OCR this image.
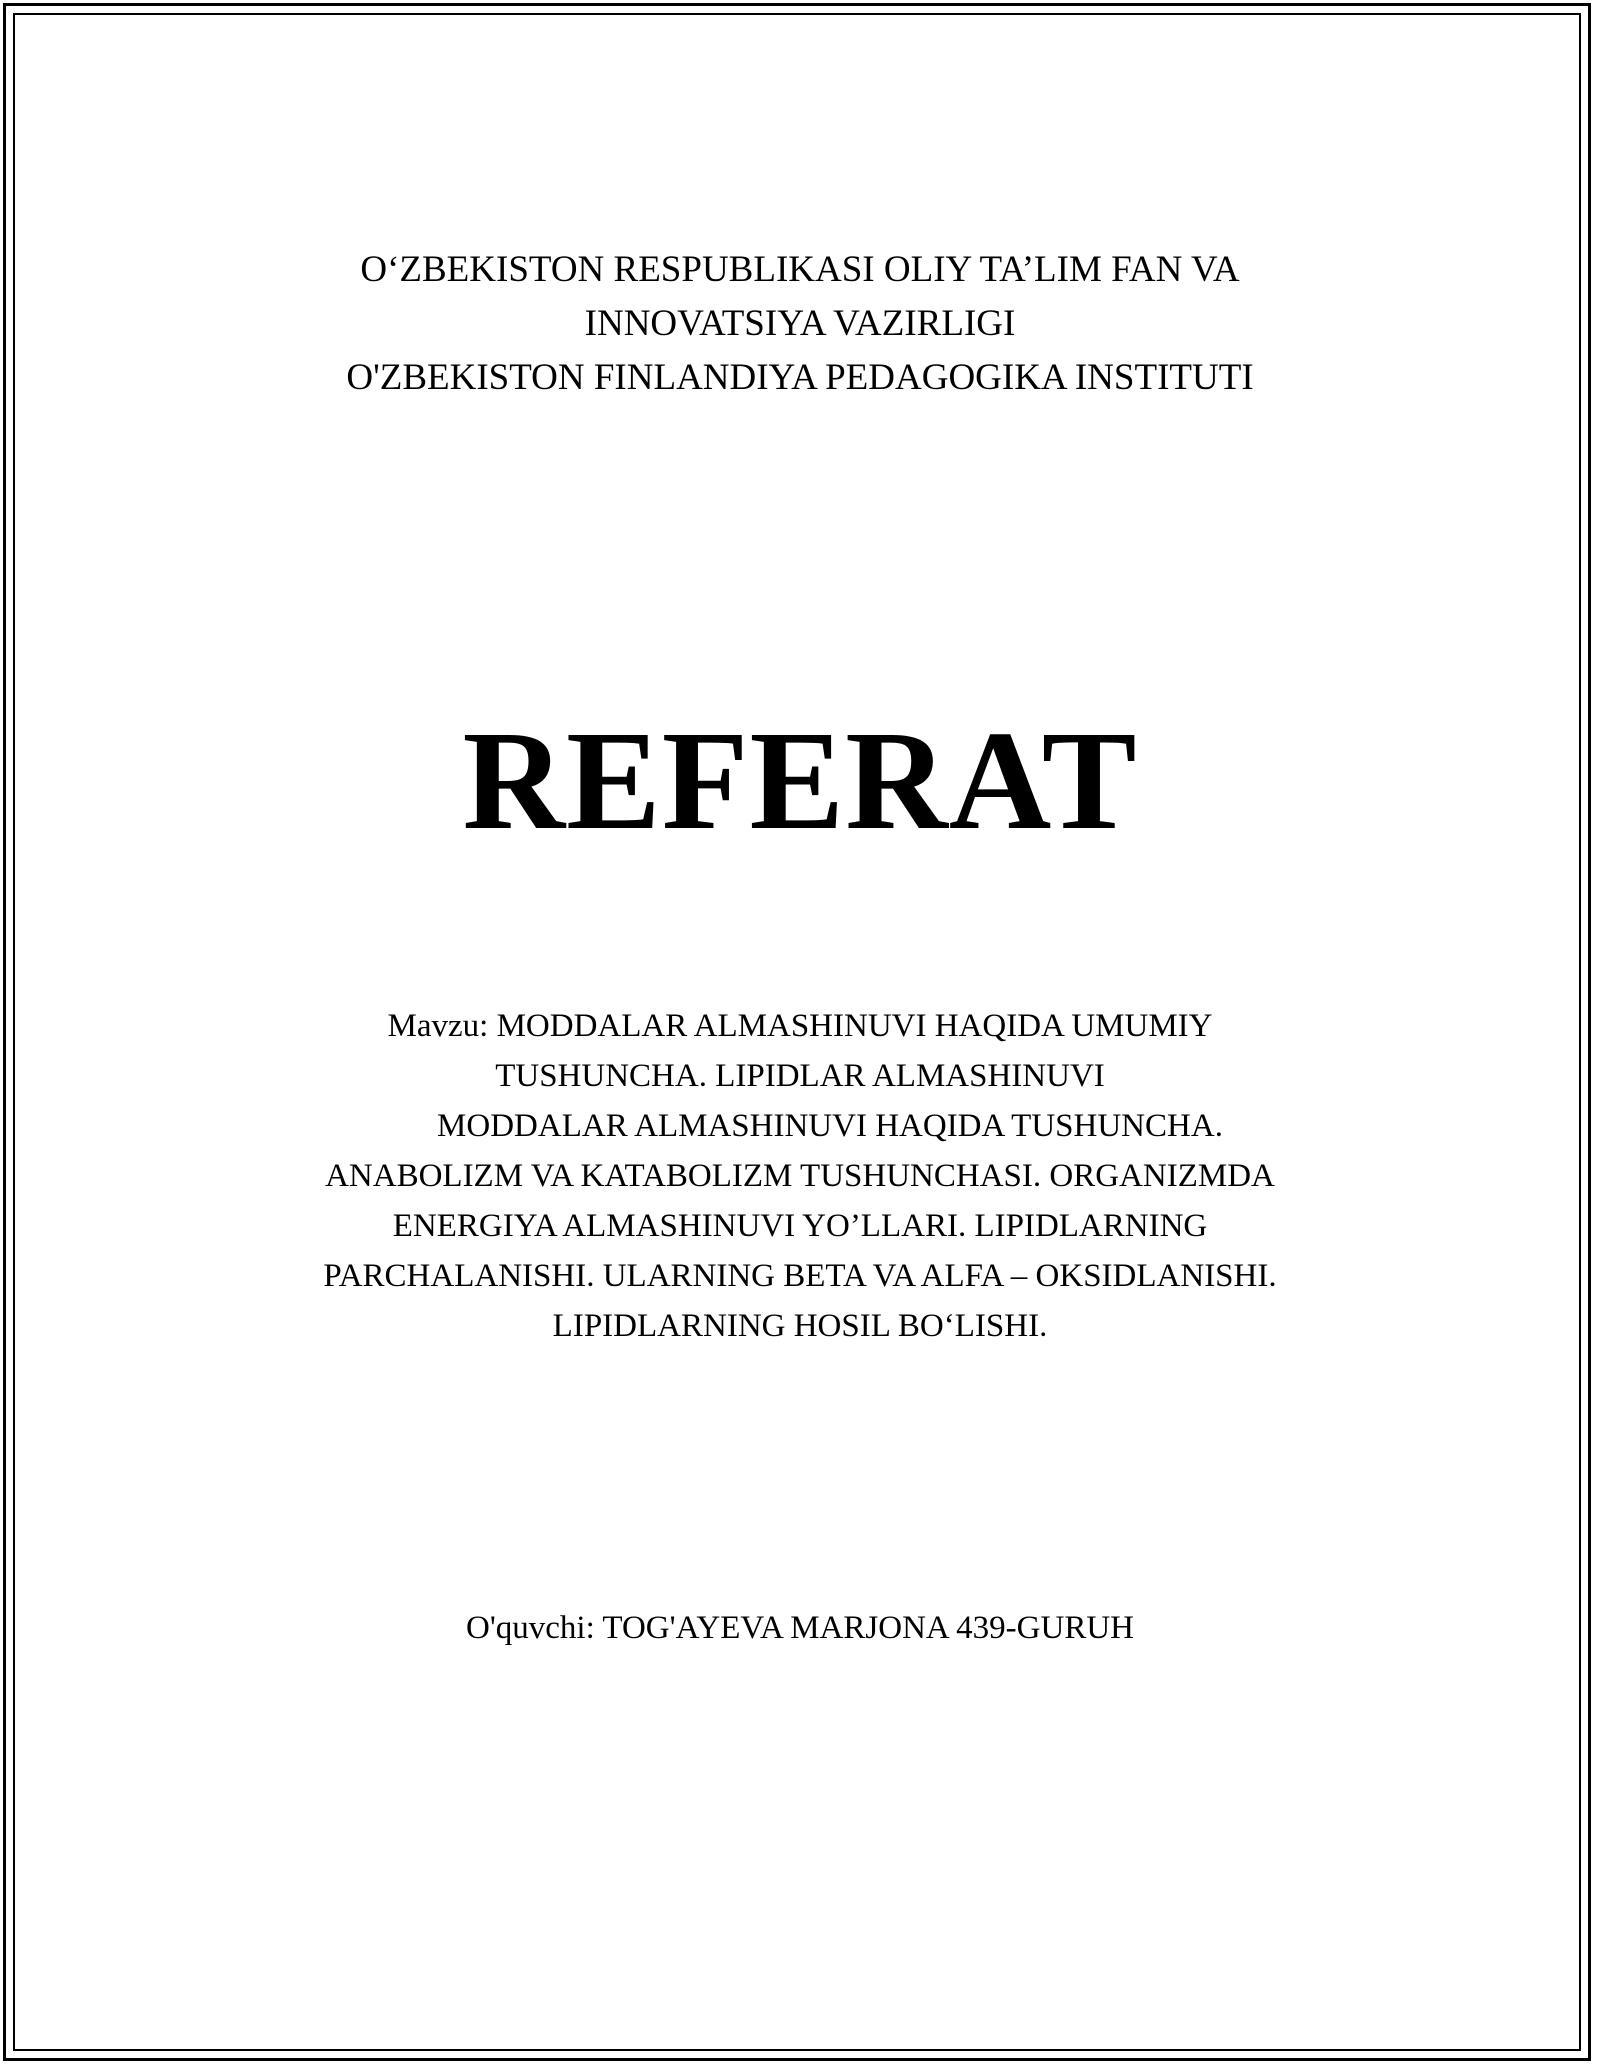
O‘ZBEKISTON RESPUBLIKASI OLIY TA’LIM FAN VA
INNOVATSIYA VAZIRLIGI
O'ZBEKISTON FINLANDIYA PEDAGOGIKA INSTITUTI
REFERAT
Mavzu: MODDALAR ALMASHINUVI HAQIDA UMUMIY
TUSHUNCHA. LIPIDLAR ALMASHINUVI
MODDALAR ALMASHINUVI HAQIDA TUSHUNCHA.
ANABOLIZM VA KATABOLIZM TUSHUNCHASI. ORGANIZMDA
ENERGIYA ALMASHINUVI YO’LLARI. LIPIDLARNING
PARCHALANISHI. ULARNING BETA VA ALFA – OKSIDLANISHI.
LIPIDLARNING HOSIL BO‘LISHI.
O'quvchi: TOG'AYEVA MARJONA 439-GURUH
